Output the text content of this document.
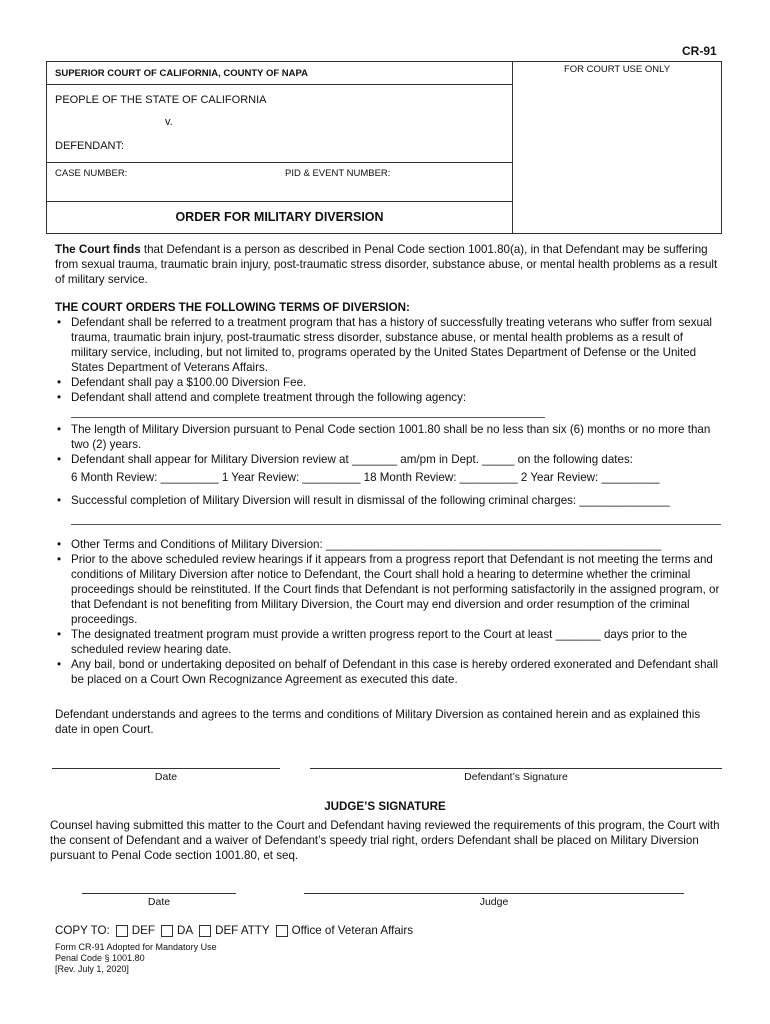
CR-91
SUPERIOR COURT OF CALIFORNIA, COUNTY OF NAPA
PEOPLE OF THE STATE OF CALIFORNIA
v.
DEFENDANT:
CASE NUMBER:	PID & EVENT NUMBER:
ORDER FOR MILITARY DIVERSION
FOR COURT USE ONLY
The Court finds that Defendant is a person as described in Penal Code section 1001.80(a), in that Defendant may be suffering from sexual trauma, traumatic brain injury, post-traumatic stress disorder, substance abuse, or mental health problems as a result of military service.
THE COURT ORDERS THE FOLLOWING TERMS OF DIVERSION:
• Defendant shall be referred to a treatment program that has a history of successfully treating veterans who suffer from sexual trauma, traumatic brain injury, post-traumatic stress disorder, substance abuse, or mental health problems as a result of military service, including, but not limited to, programs operated by the United States Department of Defense or the United States Department of Veterans Affairs.
• Defendant shall pay a $100.00 Diversion Fee.
• Defendant shall attend and complete treatment through the following agency:
• The length of Military Diversion pursuant to Penal Code section 1001.80 shall be no less than six (6) months or no more than two (2) years.
• Defendant shall appear for Military Diversion review at _______ am/pm in Dept. _____ on the following dates:
6 Month Review: _________ 1 Year Review: _________ 18 Month Review: _________ 2 Year Review: _________
• Successful completion of Military Diversion will result in dismissal of the following criminal charges: ______________
• Other Terms and Conditions of Military Diversion: ____________________________________________________
• Prior to the above scheduled review hearings if it appears from a progress report that Defendant is not meeting the terms and conditions of Military Diversion after notice to Defendant, the Court shall hold a hearing to determine whether the criminal proceedings should be reinstituted. If the Court finds that Defendant is not performing satisfactorily in the assigned program, or that Defendant is not benefiting from Military Diversion, the Court may end diversion and order resumption of the criminal proceedings.
• The designated treatment program must provide a written progress report to the Court at least _______ days prior to the scheduled review hearing date.
• Any bail, bond or undertaking deposited on behalf of Defendant in this case is hereby ordered exonerated and Defendant shall be placed on a Court Own Recognizance Agreement as executed this date.
Defendant understands and agrees to the terms and conditions of Military Diversion as contained herein and as explained this date in open Court.
Date	Defendant’s Signature
JUDGE’S SIGNATURE
Counsel having submitted this matter to the Court and Defendant having reviewed the requirements of this program, the Court with the consent of Defendant and a waiver of Defendant’s speedy trial right, orders Defendant shall be placed on Military Diversion pursuant to Penal Code section 1001.80, et seq.
Date	Judge
COPY TO: DEF DA DEF ATTY Office of Veteran Affairs
Form CR-91 Adopted for Mandatory Use
Penal Code § 1001.80
[Rev. July 1, 2020]
